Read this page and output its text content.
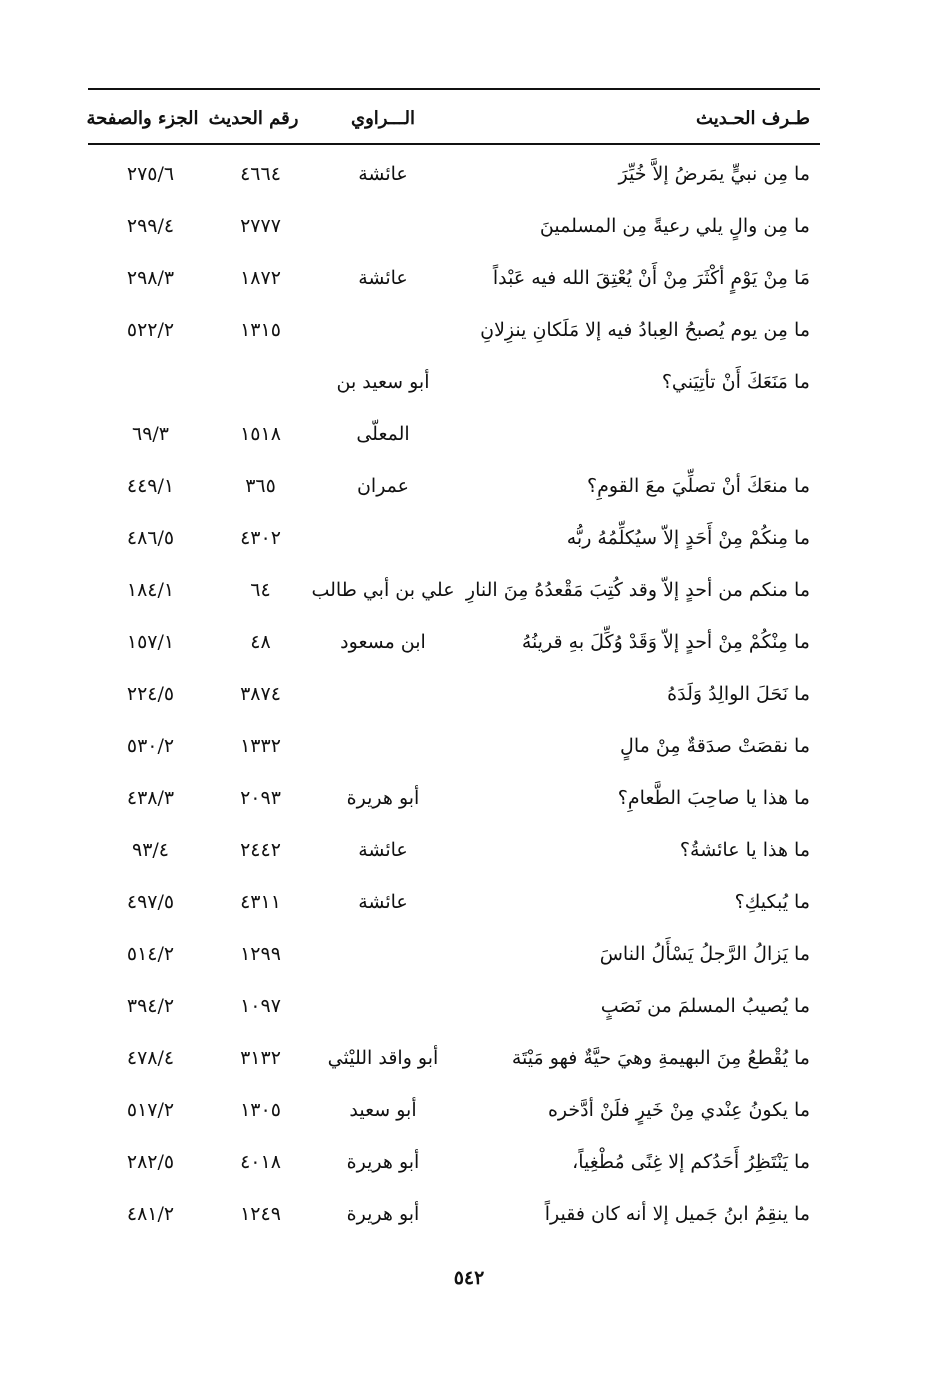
طـرف الحـديث
الـــراوي
رقم الحديث
الجزء والصفحة
ما مِن نبيٍّ يمَرضُ إلاَّ خُيِّرَ
عائشة
٤٦٦٤
٢٧٥/٦
ما مِن والٍ يلي رعيةً مِن المسلمينَ
٢٧٧٧
٢٩٩/٤
مَا مِنْ يَوْمٍ أكْثَرَ مِنْ أَنْ يُعْتِقَ الله فيه عَبْداً
عائشة
١٨٧٢
٢٩٨/٣
ما مِن يوم يُصبحُ العِبادُ فيه إلا مَلَكانِ ينزِلانِ
١٣١٥
٥٢٢/٢
ما مَنَعَكَ أَنْ تأتِيَني؟
أبو سعيد بن
المعلّى
١٥١٨
٦٩/٣
ما منعَكَ أنْ تصلِّيَ معَ القومِ؟
عمران
٣٦٥
٤٤٩/١
ما مِنكُمْ مِنْ أَحَدٍ إلاّ سيُكلِّمُهُ ربُّه
٤٣٠٢
٤٨٦/٥
ما منكم من أحدٍ إلاّ وقد كُتِبَ مَقْعدُهُ مِنَ النارِ
علي بن أبي طالب
٦٤
١٨٤/١
ما مِنْكُمْ مِنْ أحدٍ إلاّ وَقَدْ وُكِّلَ بهِ قرينُهُ
ابن مسعود
٤٨
١٥٧/١
ما نَحَلَ الوالِدُ وَلَدَهُ
٣٨٧٤
٢٢٤/٥
ما نقصَتْ صدَقةٌ مِنْ مالٍ
١٣٣٢
٥٣٠/٢
ما هذا يا صاحِبَ الطَّعامِ؟
أبو هريرة
٢٠٩٣
٤٣٨/٣
ما هذا يا عائشةُ؟
عائشة
٢٤٤٢
٩٣/٤
ما يُبكيكِ؟
عائشة
٤٣١١
٤٩٧/٥
ما يَزالُ الرَّجلُ يَسْأَلُ الناسَ
١٢٩٩
٥١٤/٢
ما يُصيبُ المسلمَ من نَصَبٍ
١٠٩٧
٣٩٤/٢
ما يُقْطعُ مِنَ البهيمةِ وهيَ حيَّةٌ فهو مَيْتَة
أبو واقد الليْثي
٣١٣٢
٤٧٨/٤
ما يكونُ عِنْدي مِنْ خَيرٍ فلَنْ أدَّخره
أبو سعيد
١٣٠٥
٥١٧/٢
ما يَنْتَظِرُ أَحَدُكم إلا غِنًى مُطْغِياً،
أبو هريرة
٤٠١٨
٢٨٢/٥
ما ينقِمُ ابنُ جَميل إلا أنه كان فقيراً
أبو هريرة
١٢٤٩
٤٨١/٢
٥٤٢
